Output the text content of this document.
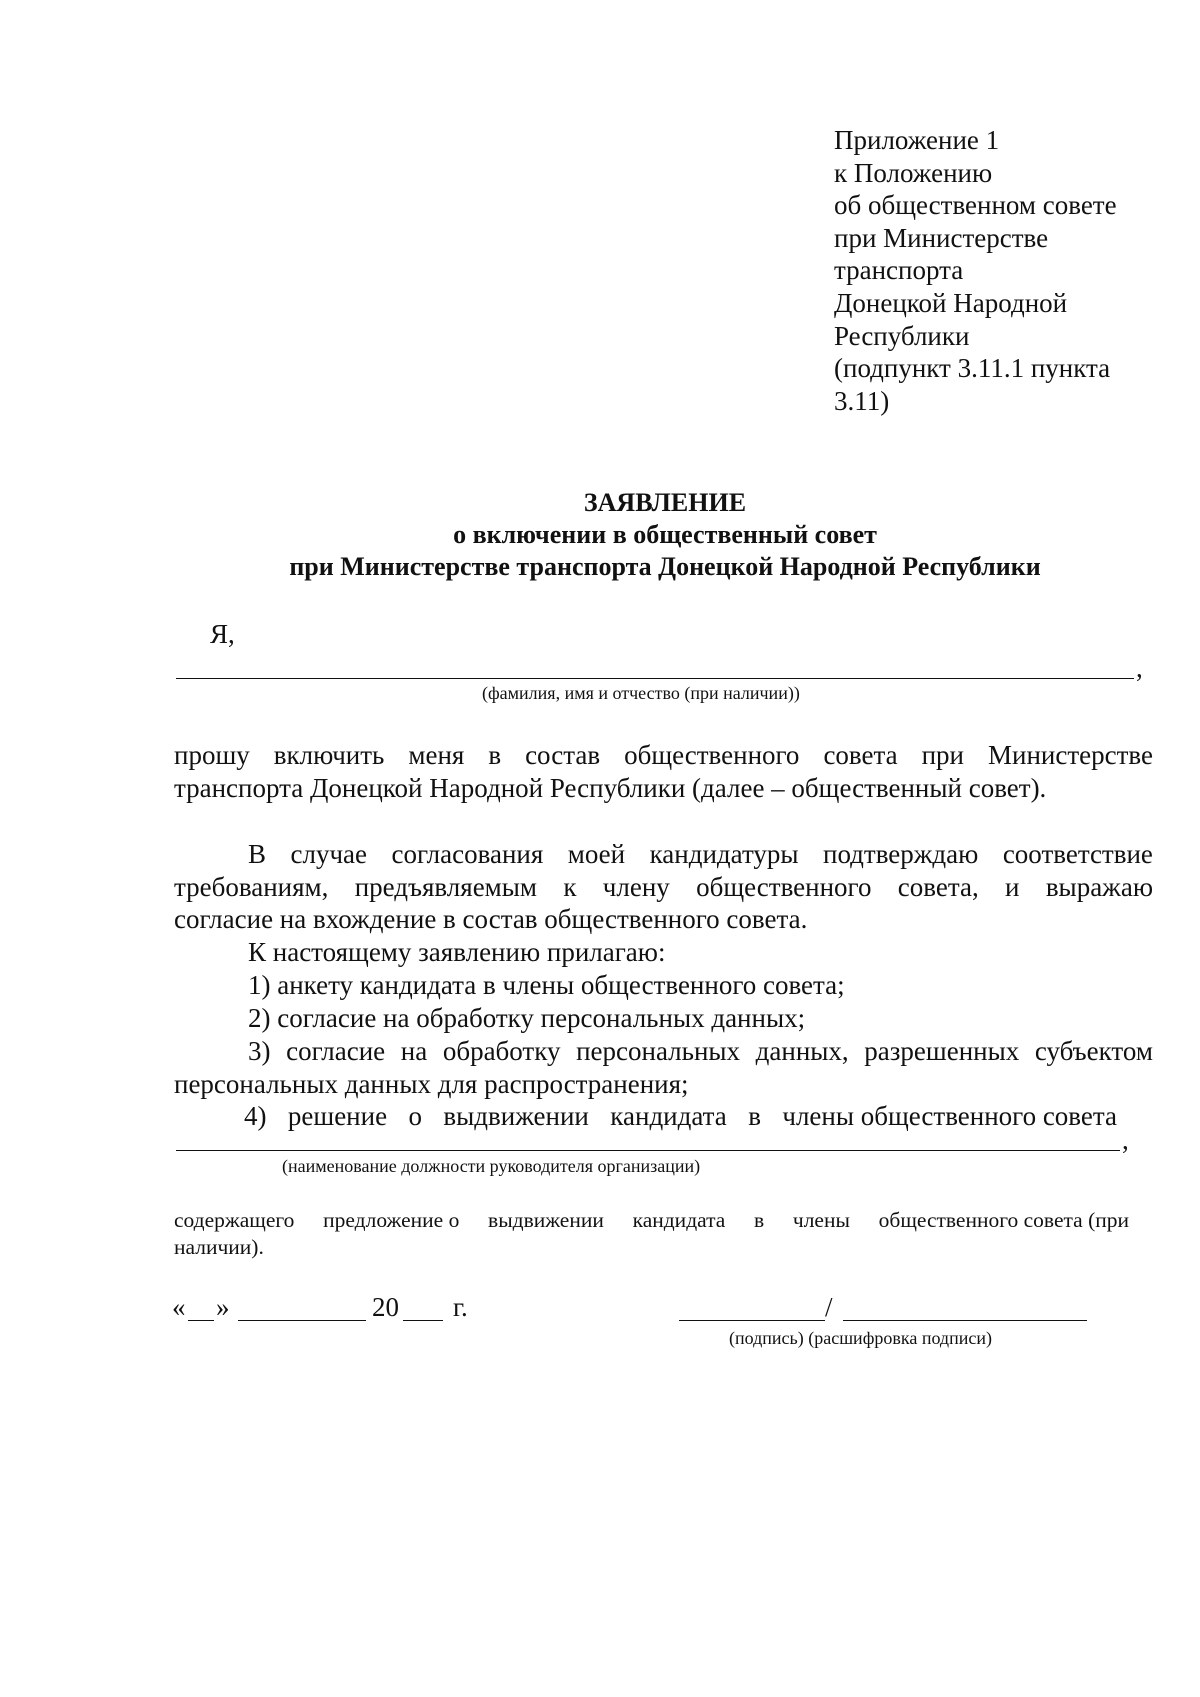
Приложение 1
к Положению
об общественном совете
при Министерстве
транспорта
Донецкой Народной
Республики
(подпункт 3.11.1 пункта
3.11)
ЗАЯВЛЕНИЕ
о включении в общественный совет
при Министерстве транспорта Донецкой Народной Республики
Я,
,
(фамилия, имя и отчество (при наличии))
прошу включить меня в состав общественного совета при Министерстве
транспорта Донецкой Народной Республики (далее – общественный совет).
В случае согласования моей кандидатуры подтверждаю соответствие
требованиям, предъявляемым к члену общественного совета, и выражаю
согласие на вхождение в состав общественного совета.
К настоящему заявлению прилагаю:
1) анкету кандидата в члены общественного совета;
2) согласие на обработку персональных данных;
3) согласие на обработку персональных данных, разрешенных субъектом
персональных данных для распространения;
4) решение о выдвижении кандидата в члены общественного совета
,
(наименование должности руководителя организации)
содержащего предложение о выдвижении кандидата в члены общественного совета (при
наличии).
« »	20 г.	/
(подпись) (расшифровка подписи)
